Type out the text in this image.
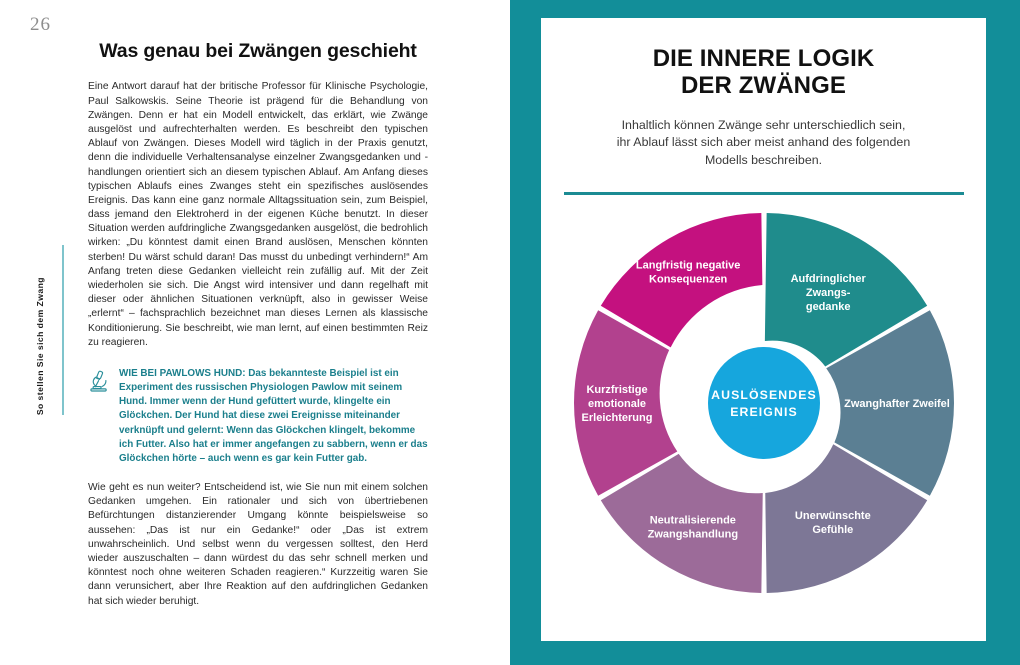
26
So stellen Sie sich dem Zwang
Was genau bei Zwängen geschieht

Eine Antwort darauf hat der britische Professor für Klinische Psychologie, Paul Salkowskis. Seine Theorie ist prägend für die Behandlung von Zwängen. Denn er hat ein Modell entwickelt, das erklärt, wie Zwänge ausgelöst und aufrechterhalten werden. Es beschreibt den typischen Ablauf von Zwängen. Dieses Modell wird täglich in der Praxis genutzt, denn die individuelle Verhaltensanalyse einzelner Zwangsgedanken und -handlungen orientiert sich an diesem typischen Ablauf. Am Anfang dieses typischen Ablaufs eines Zwanges steht ein spezifisches auslösendes Ereignis. Das kann eine ganz normale Alltagssituation sein, zum Beispiel, dass jemand den Elektroherd in der eigenen Küche benutzt. In dieser Situation werden aufdringliche Zwangsgedanken ausgelöst, die bedrohlich wirken: „Du könntest damit einen Brand auslösen, Menschen könnten sterben! Du wärst schuld daran! Das musst du unbedingt verhindern!“ Am Anfang treten diese Gedanken vielleicht rein zufällig auf. Mit der Zeit wiederholen sie sich. Die Angst wird intensiver und dann regelhaft mit dieser oder ähnlichen Situationen verknüpft, also in gewisser Weise „erlernt“ – fachsprachlich bezeichnet man dieses Lernen als klassische Konditionierung. Sie beschreibt, wie man lernt, auf einen bestimmten Reiz zu reagieren.

WIE BEI PAWLOWS HUND: Das bekannteste Beispiel ist ein Experiment des russischen Physiologen Pawlow mit seinem Hund. Immer wenn der Hund gefüttert wurde, klingelte ein Glöckchen. Der Hund hat diese zwei Ereignisse miteinander verknüpft und gelernt: Wenn das Glöckchen klingelt, bekomme ich Futter. Also hat er immer angefangen zu sabbern, wenn er das Glöckchen hörte – auch wenn es gar kein Futter gab.

Wie geht es nun weiter? Entscheidend ist, wie Sie nun mit einem solchen Gedanken umgehen. Ein rationaler und sich von übertriebenen Befürchtungen distanzierender Umgang könnte beispielsweise so aussehen: „Das ist nur ein Gedanke!“ oder „Das ist extrem unwahrscheinlich. Und selbst wenn du vergessen solltest, den Herd wieder auszuschalten – dann würdest du das sehr schnell merken und könntest noch ohne weiteren Schaden reagieren.“ Kurzzeitig waren Sie dann verunsichert, aber Ihre Reaktion auf den aufdringlichen Gedanken hat sich wieder beruhigt.

DIE INNERE LOGIK
DER ZWÄNGE

Inhaltlich können Zwänge sehr unterschiedlich sein, ihr Ablauf lässt sich aber meist anhand des folgenden Modells beschreiben.

Aufdringlicher
Zwangs-
gedanke
Zwanghafter Zweifel
Unerwünschte
Gefühle
Neutralisierende
Zwangshandlung
Kurzfristige
emotionale
Erleichterung
Langfristig negative
Konsequenzen
AUSLÖSENDES
EREIGNIS
